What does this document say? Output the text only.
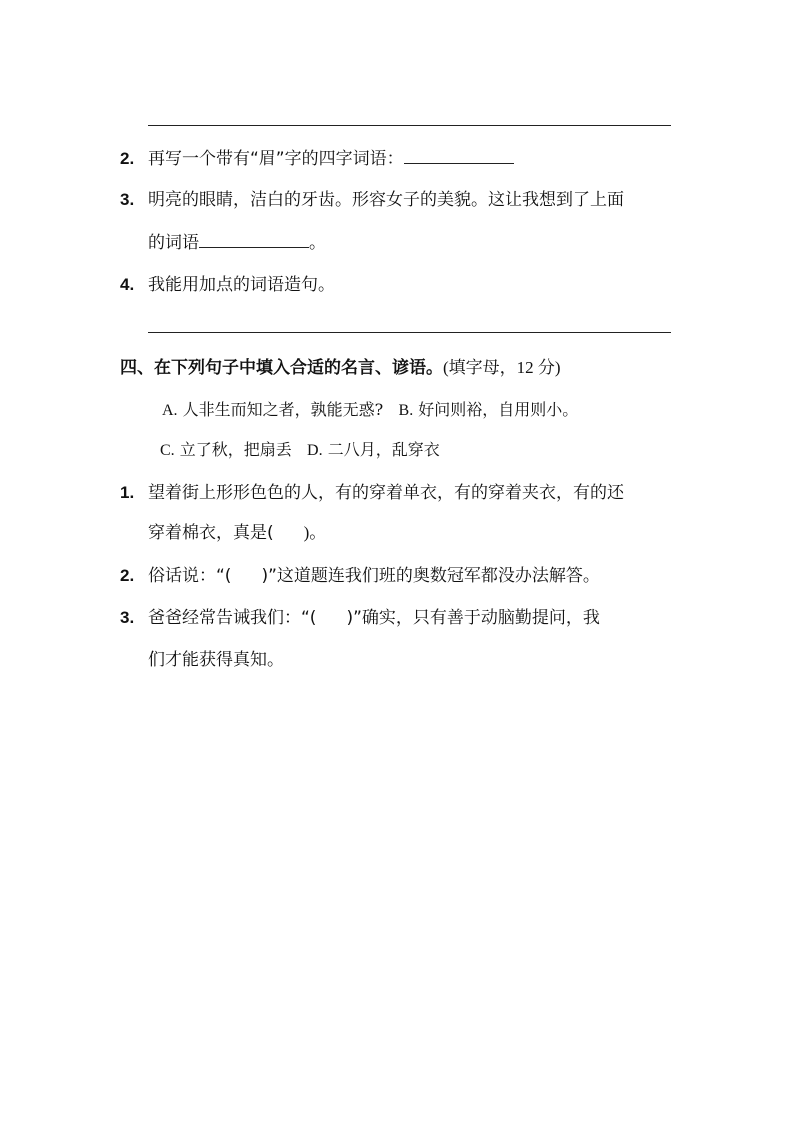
2. 再写一个带有“眉”字的四字词语：
3. 明亮的眼睛，洁白的牙齿。形容女子的美貌。这让我想到了上面
的词语	。
4. 我能用加点的词语造句。
四、在下列句子中填入合适的名言、谚语。(填字母，12 分)
A. 人非生而知之者，孰能无惑? B. 好问则裕，自用则小。
C. 立了秋，把扇丢 D. 二八月，乱穿衣
1. 望着街上形形色色的人，有的穿着单衣，有的穿着夹衣，有的还
穿着棉衣，真是( )。
2. 俗话说：“( )”这道题连我们班的奥数冠军都没办法解答。
3. 爸爸经常告诫我们：“( )”确实，只有善于动脑勤提问，我
们才能获得真知。
